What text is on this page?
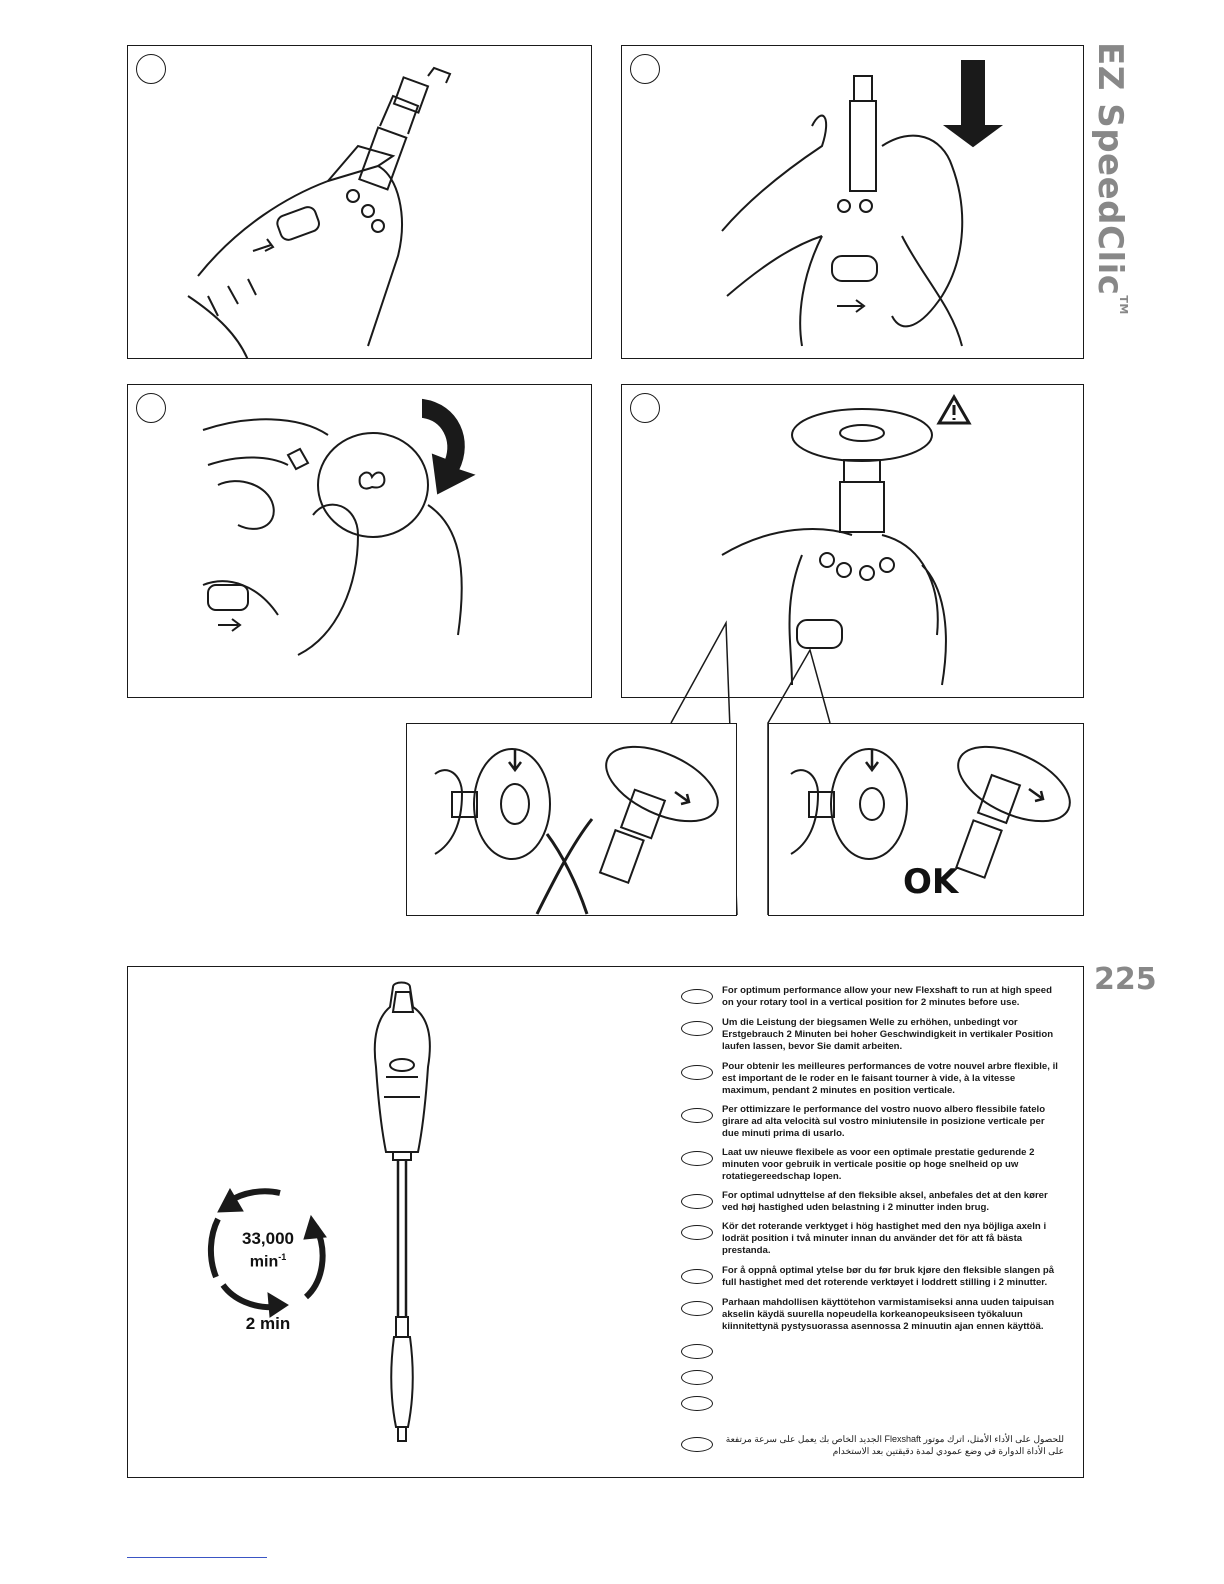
EZ SpeedClic™
OK
225
33,000
$\min^{-1}$
2 min
For optimum performance allow your new Flexshaft to run at high speed on your rotary tool in a vertical position for 2 minutes before use.
Um die Leistung der biegsamen Welle zu erhöhen, unbedingt vor Erstgebrauch 2 Minuten bei hoher Geschwindigkeit in vertikaler Position laufen lassen, bevor Sie damit arbeiten.
Pour obtenir les meilleures performances de votre nouvel arbre flexible, il est important de le roder en le faisant tourner à vide, à la vitesse maximum, pendant 2 minutes en position verticale.
Per ottimizzare le performance del vostro nuovo albero flessibile fatelo girare ad alta velocità sul vostro miniutensile in posizione verticale per due minuti prima di usarlo.
Laat uw nieuwe flexibele as voor een optimale prestatie gedurende 2 minuten voor gebruik in verticale positie op hoge snelheid op uw rotatiegereedschap lopen.
For optimal udnyttelse af den fleksible aksel, anbefales det at den kører ved høj hastighed uden belastning i 2 minutter inden brug.
Kör det roterande verktyget i hög hastighet med den nya böjliga axeln i lodrät position i två minuter innan du använder det för att få bästa prestanda.
For å oppnå optimal ytelse bør du før bruk kjøre den fleksible slangen på full hastighet med det roterende verktøyet i loddrett stilling i 2 minutter.
Parhaan mahdollisen käyttötehon varmistamiseksi anna uuden taipuisan akselin käydä suurella nopeudella korkeanopeuksiseen työkaluun kiinnitettynä pystysuorassa asennossa 2 minuutin ajan ennen käyttöä.
للحصول على الأداء الأمثل، اترك موتور Flexshaft الجديد الخاص بك يعمل على سرعة مرتفعة على الأداة الدوارة في وضع عمودي لمدة دقيقتين بعد الاستخدام
